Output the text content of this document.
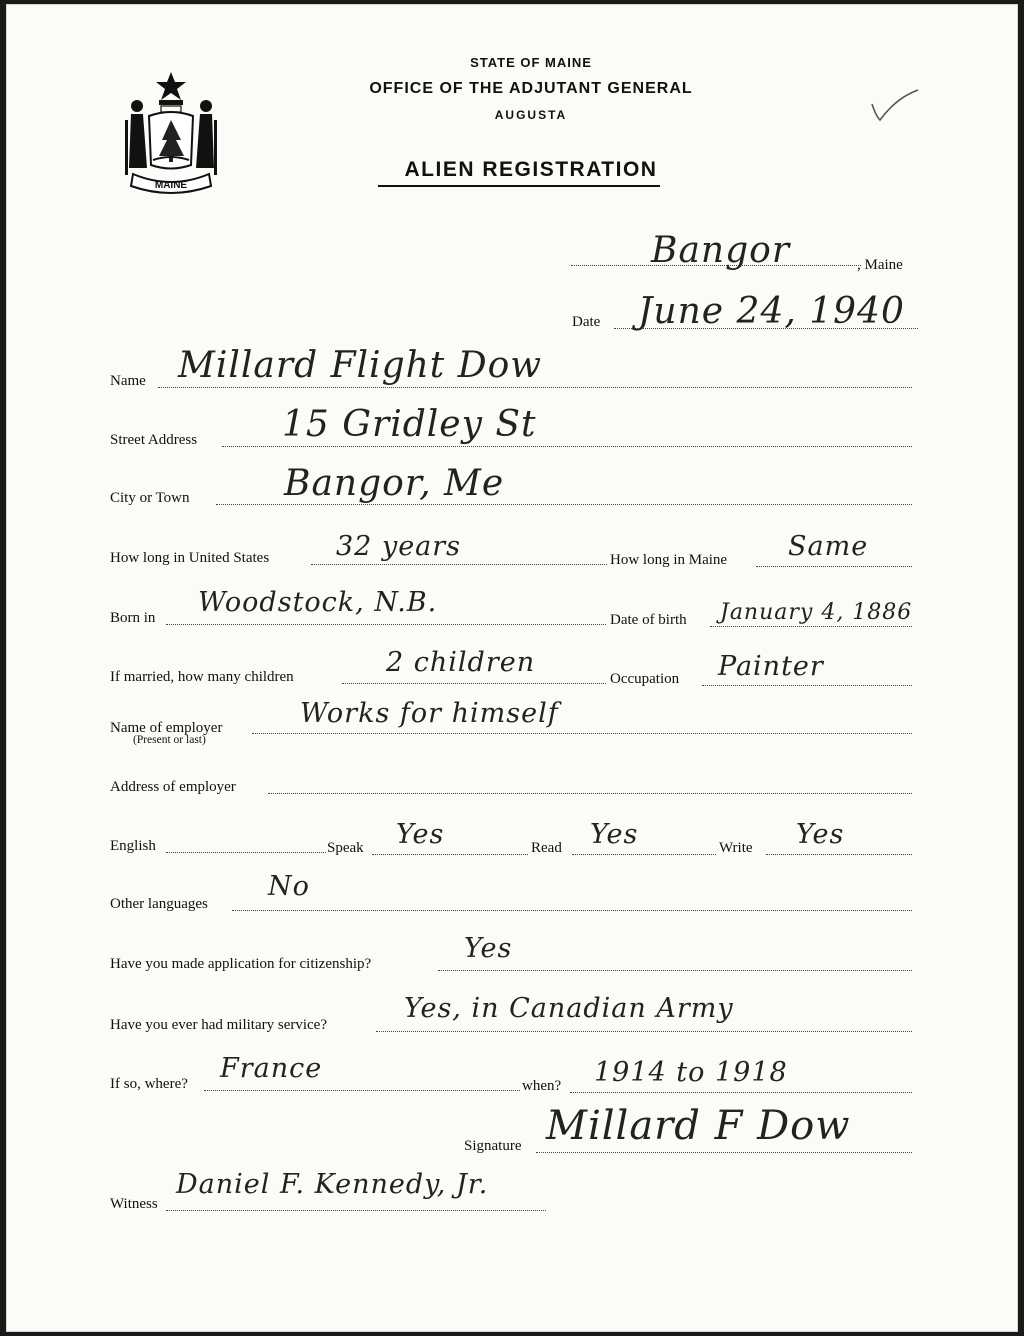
MAINE
STATE OF MAINE
OFFICE OF THE ADJUTANT GENERAL
AUGUSTA
ALIEN REGISTRATION
Bangor	, Maine
Date June 24, 1940
Name Millard Flight Dow
Street Address 15 Gridley St
City or Town	Bangor, Me
How long in United States 32 years	How long in Maine Same
Born in Woodstock, N.B.
Date of birth January 4, 1886
If married, how many children	2 children
Occupation Painter
Name of employer
(Present or last)
Works for himself
Address of employer
English	Speak Yes	Read Yes	Write Yes
Other languages
No
Have you made application for citizenship?	Yes
Have you ever had military service?
Yes, in Canadian Army
If so, where? France
when? 1914 to 1918
Signature Millard F Dow
Witness
Daniel F. Kennedy, Jr.
